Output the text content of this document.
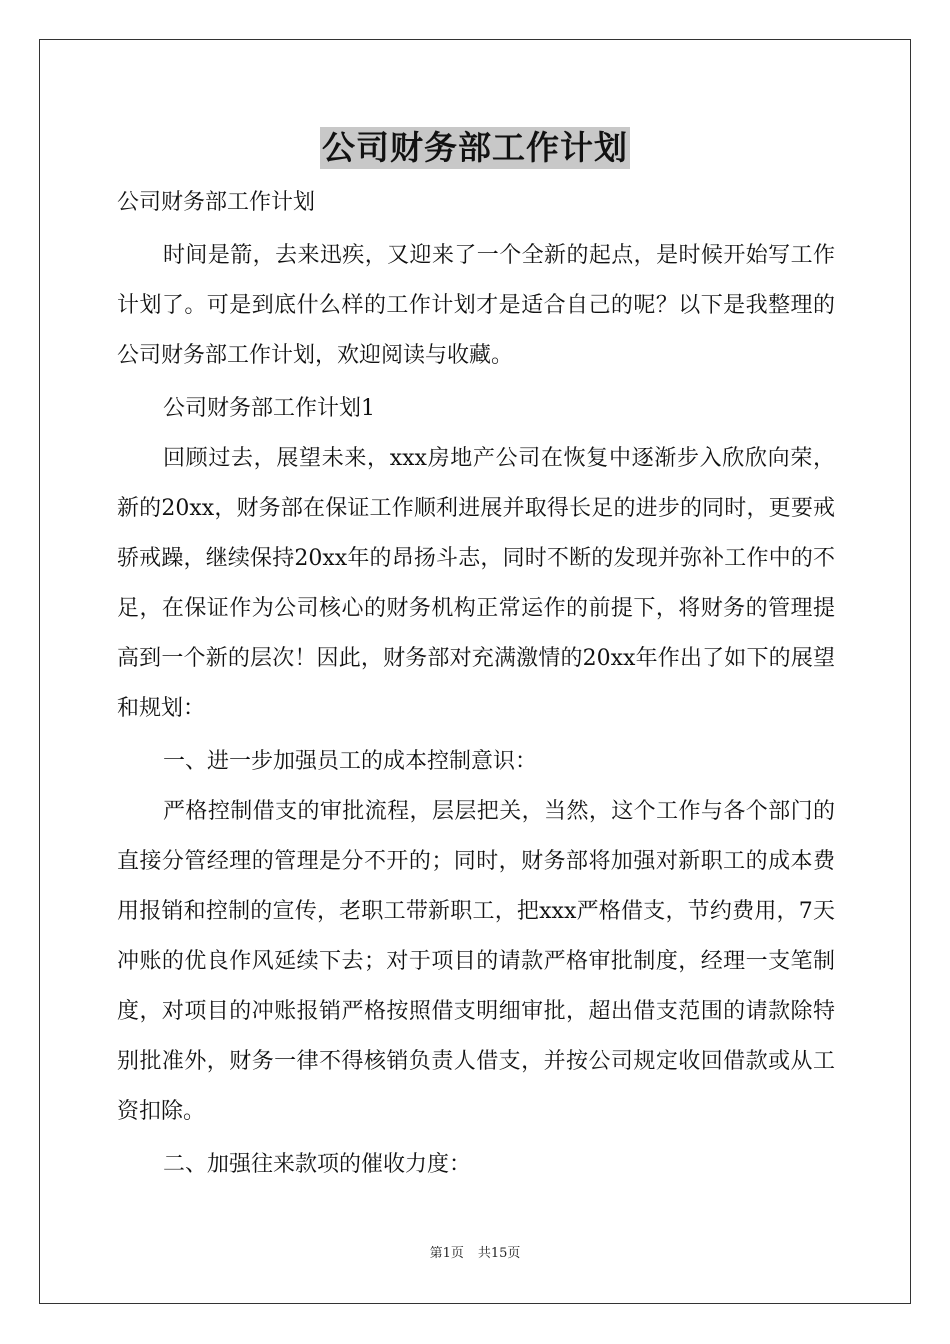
公司财务部工作计划

公司财务部工作计划

时间是箭，去来迅疾，又迎来了一个全新的起点，是时候开始写工作计划了。可是到底什么样的工作计划才是适合自己的呢？以下是我整理的公司财务部工作计划，欢迎阅读与收藏。

公司财务部工作计划1

回顾过去，展望未来，xxx房地产公司在恢复中逐渐步入欣欣向荣，新的20xx，财务部在保证工作顺利进展并取得长足的进步的同时，更要戒骄戒躁，继续保持20xx年的昂扬斗志，同时不断的发现并弥补工作中的不足，在保证作为公司核心的财务机构正常运作的前提下，将财务的管理提高到一个新的层次！因此，财务部对充满激情的20xx年作出了如下的展望和规划：

一、进一步加强员工的成本控制意识：

严格控制借支的审批流程，层层把关，当然，这个工作与各个部门的直接分管经理的管理是分不开的；同时，财务部将加强对新职工的成本费用报销和控制的宣传，老职工带新职工，把xxx严格借支，节约费用，7天冲账的优良作风延续下去；对于项目的请款严格审批制度，经理一支笔制度，对项目的冲账报销严格按照借支明细审批，超出借支范围的请款除特别批准外，财务一律不得核销负责人借支，并按公司规定收回借款或从工资扣除。

二、加强往来款项的催收力度：

第1页 共15页
